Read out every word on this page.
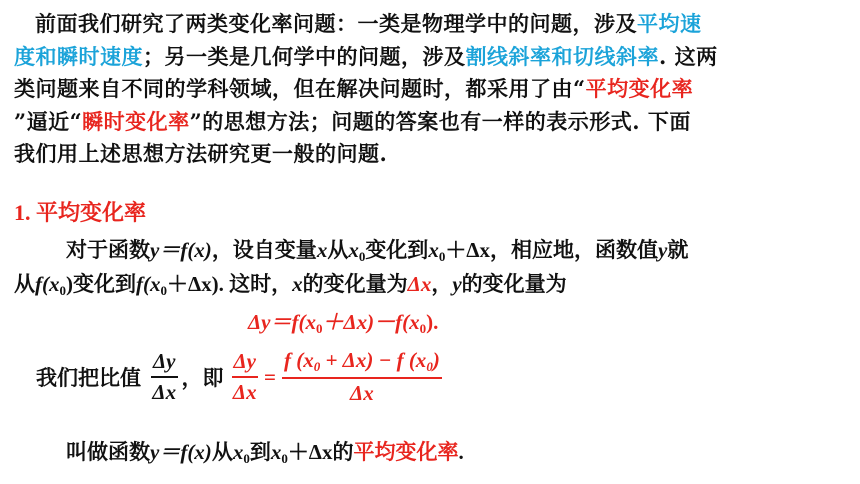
前面我们研究了两类变化率问题：一类是物理学中的问题，涉及平均速

度和瞬时速度；另一类是几何学中的问题，涉及割线斜率和切线斜率. 这两

类问题来自不同的学科领域，但在解决问题时，都采用了由“平均变化率

”逼近“瞬时变化率”的思想方法；问题的答案也有一样的表示形式. 下面

我们用上述思想方法研究更一般的问题.

1. 平均变化率
对于函数y＝f(x)，设自变量x从$x_0$变化到$x_0+\Delta x$，相应地，函数值y就
从$f(x_0)$变化到$f(x_0+\Delta x)$. 这时，x的变化量为Δx，y的变化量为
$\Delta y=f(x_0+\Delta x)-f(x_0)$.
我们把比值 $\frac{\Delta y}{\Delta x}$ ，即 $\frac{\Delta y}{\Delta x} = \frac{f (x_0 + \Delta x) - f (x_0)}{\Delta x}$
叫做函数y＝f(x)从$x_0$到$x_0+\Delta x$的平均变化率.
